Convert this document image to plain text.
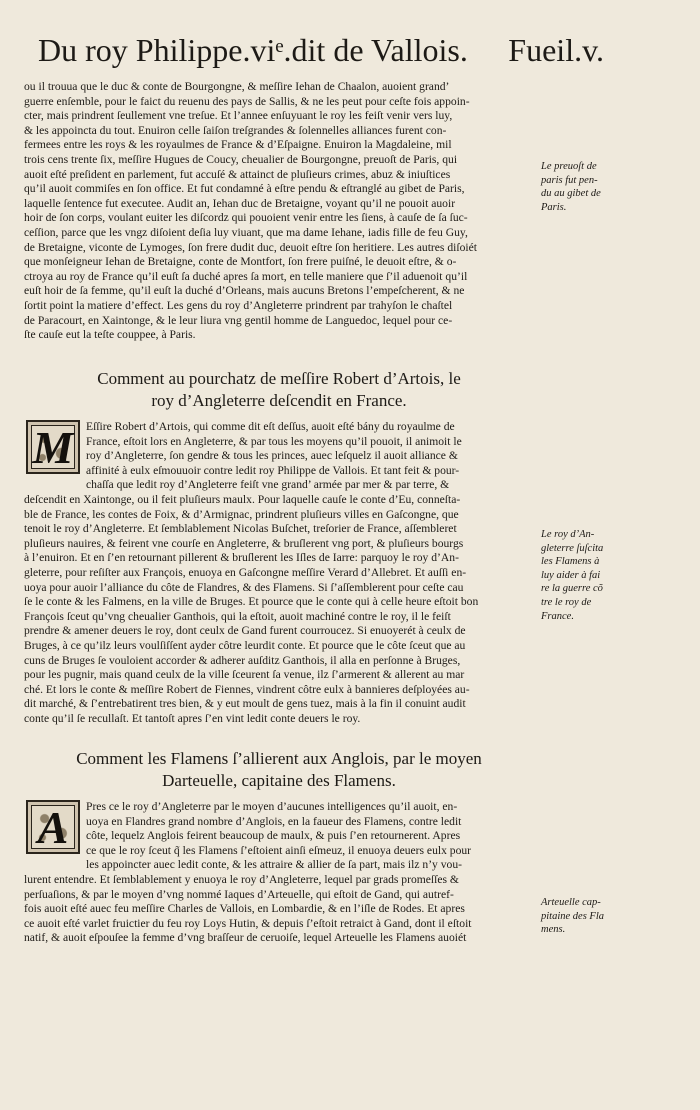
Du roy Philippe.viᵉ.dit de Vallois. Fueil.v.

ou il trouua que le duc & conte de Bourgongne, & meſſire Iehan de Chaalon, auoient grand’

guerre enſemble, pour le faict du reuenu des pays de Sallis, & ne les peut pour ceſte fois appoin-

cter, mais prindrent ſeullement vne treſue. Et l’annee enſuyuant le roy les feiſt venir vers luy,

& les appoincta du tout. Enuiron celle ſaiſon treſgrandes & ſolennelles alliances furent con-

fermees entre les roys & les royaulmes de France & d’Eſpaigne. Enuiron la Magdaleine, mil

trois cens trente ſix, meſſire Hugues de Coucy, cheualier de Bourgongne, preuoſt de Paris, qui

auoit eſté preſident en parlement, fut accuſé & attainct de pluſieurs crimes, abuz & iniuſtices

qu’il auoit commiſes en ſon office. Et fut condamné à eſtre pendu & eſtranglé au gibet de Paris,

laquelle ſentence fut executee. Audit an, Iehan duc de Bretaigne, voyant qu’il ne pouoit auoir

hoir de ſon corps, voulant euiter les diſcordz qui pouoient venir entre les ſiens, à cauſe de ſa ſuc-

ceſſion, parce que les vngz diſoient deſia luy viuant, que ma dame Iehane, iadis fille de feu Guy,

de Bretaigne, viconte de Lymoges, ſon frere dudit duc, deuoit eſtre ſon heritiere. Les autres diſoiét

que monſeigneur Iehan de Bretaigne, conte de Montfort, ſon frere puiſné, le deuoit eſtre, & o-

ctroya au roy de France qu’il euſt ſa duché apres ſa mort, en telle maniere que ſ’il aduenoit qu’il

euſt hoir de ſa femme, qu’il euſt la duché d’Orleans, mais aucuns Bretons l’empeſcherent, & ne

ſortit point la matiere d’effect. Les gens du roy d’Angleterre prindrent par trahyſon le chaſtel

de Paracourt, en Xaintonge, & le leur liura vng gentil homme de Languedoc, lequel pour ce-

ſte cauſe eut la teſte couppee, à Paris.

Comment au pourchatz de meſſire Robert d’Artois, le
roy d’Angleterre deſcendit en France.
M	Eſſire Robert d’Artois, qui comme dit eſt deſſus, auoit eſté bány du royaulme de

France, eſtoit lors en Angleterre, & par tous les moyens qu’il pouoit, il animoit le

roy d’Angleterre, ſon gendre & tous les princes, auec leſquelz il auoit alliance &

affinité à eulx eſmouuoir contre ledit roy Philippe de Vallois. Et tant feit & pour-

chaſſa que ledit roy d’Angleterre feiſt vne grand’ armée par mer & par terre, &

deſcendit en Xaintonge, ou il feit pluſieurs maulx. Pour laquelle cauſe le conte d’Eu, conneſta-

ble de France, les contes de Foix, & d’Armignac, prindrent pluſieurs villes en Gaſcongne, que

tenoit le roy d’Angleterre. Et ſemblablement Nicolas Buſchet, treſorier de France, aſſembleret

pluſieurs nauires, & feirent vne courſe en Angleterre, & bruſlerent vng port, & pluſieurs bourgs

à l’enuiron. Et en ſ’en retournant pillerent & bruſlerent les Iſles de Iarre: parquoy le roy d’An-

gleterre, pour reſiſter aux François, enuoya en Gaſcongne meſſire Verard d’Allebret. Et auſſi en-

uoya pour auoir l’alliance du côte de Flandres, & des Flamens. Si ſ’aſſemblerent pour ceſte cau

ſe le conte & les Falmens, en la ville de Bruges. Et pource que le conte qui à celle heure eſtoit bon

François ſceut qu’vng cheualier Ganthois, qui la eſtoit, auoit machiné contre le roy, il le feiſt

prendre & amener deuers le roy, dont ceulx de Gand furent courroucez. Si enuoyerét à ceulx de

Bruges, à ce qu’ilz leurs voulſiſſent ayder côtre leurdit conte. Et pource que le côte ſceut que au

cuns de Bruges ſe vouloient accorder & adherer auſditz Ganthois, il alla en perſonne à Bruges,

pour les pugnir, mais quand ceulx de la ville ſceurent ſa venue, ilz ſ’armerent & allerent au mar

ché. Et lors le conte & meſſire Robert de Fiennes, vindrent côtre eulx à bannieres deſployées au-

dit marché, & ſ’entrebatirent tres bien, & y eut moult de gens tuez, mais à la fin il conuint audit

conte qu’il ſe recullaſt. Et tantoſt apres ſ’en vint ledit conte deuers le roy.

Comment les Flamens ſ’allierent aux Anglois, par le moyen
Darteuelle, capitaine des Flamens.
A	Pres ce le roy d’Angleterre par le moyen d’aucunes intelligences qu’il auoit, en-

uoya en Flandres grand nombre d’Anglois, en la faueur des Flamens, contre ledit

côte, lequelz Anglois feirent beaucoup de maulx, & puis ſ’en retournerent. Apres

ce que le roy ſceut q̃ les Flamens ſ’eſtoient ainſi eſmeuz, il enuoya deuers eulx pour

les appoincter auec ledit conte, & les attraire & allier de ſa part, mais ilz n’y vou-

lurent entendre. Et ſemblablement y enuoya le roy d’Angleterre, lequel par grads promeſſes &

perſuaſions, & par le moyen d’vng nommé Iaques d’Arteuelle, qui eſtoit de Gand, qui autref-

fois auoit eſté auec feu meſſire Charles de Vallois, en Lombardie, & en l’iſle de Rodes. Et apres

ce auoit eſté varlet fruictier du feu roy Loys Hutin, & depuis ſ’eſtoit retraict à Gand, dont il eſtoit

natif, & auoit eſpouſee la femme d’vng braſſeur de ceruoiſe, lequel Arteuelle les Flamens auoiét

Le preuoſt de

paris fut pen-

du au gibet de

Paris.

Le roy d’An-

gleterre ſuſcita

les Flamens à

luy aider à fai

re la guerre cõ

tre le roy de

France.

Arteuelle cap-

pitaine des Fla

mens.
